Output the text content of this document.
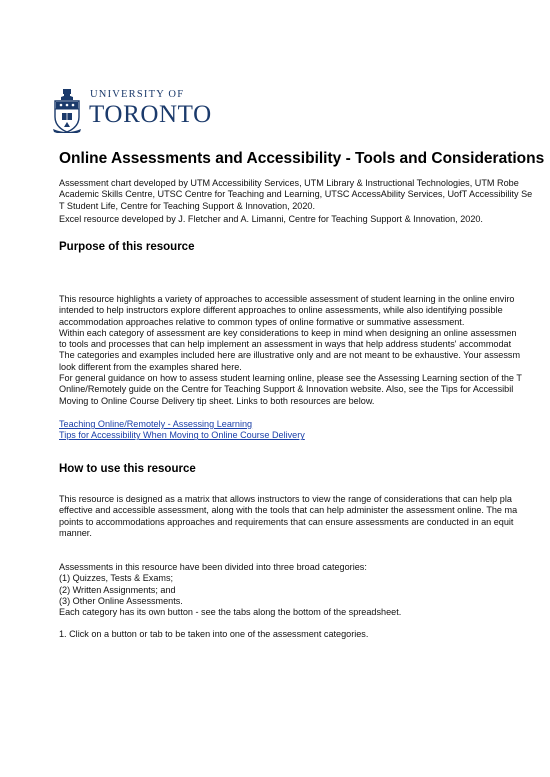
UNIVERSITY OF
TORONTO
Online Assessments and Accessibility - Tools and Considerations
Assessment chart developed by UTM Accessibility Services, UTM Library & Instructional Technologies, UTM Robe
Academic Skills Centre, UTSC Centre for Teaching and Learning, UTSC AccessAbility Services, UofT Accessibility Se
T Student Life, Centre for Teaching Support & Innovation, 2020.
Excel resource developed by J. Fletcher and A. Limanni, Centre for Teaching Support & Innovation, 2020.
Purpose of this resource
This resource highlights a variety of approaches to accessible assessment of student learning in the online enviro
intended to help instructors explore different approaches to online assessments, while also identifying possible
accommodation approaches relative to common types of online formative or summative assessment.
Within each category of assessment are key considerations to keep in mind when designing an online assessmen
to tools and processes that can help implement an assessment in ways that help address students' accommodat
The categories and examples included here are illustrative only and are not meant to be exhaustive. Your assessm
look different from the examples shared here.
For general guidance on how to assess student learning online, please see the Assessing Learning section of the T
Online/Remotely guide on the Centre for Teaching Support & Innovation website. Also, see the Tips for Accessibil
Moving to Online Course Delivery tip sheet. Links to both resources are below.
Teaching Online/Remotely - Assessing Learning
Tips for Accessibility When Moving to Online Course Delivery
How to use this resource
This resource is designed as a matrix that allows instructors to view the range of considerations that can help pla
effective and accessible assessment, along with the tools that can help administer the assessment online. The ma
points to accommodations approaches and requirements that can ensure assessments are conducted in an equit
manner.
Assessments in this resource have been divided into three broad categories:
(1) Quizzes, Tests & Exams;
(2) Written Assignments; and
(3) Other Online Assessments.
Each category has its own button - see the tabs along the bottom of the spreadsheet.
1. Click on a button or tab to be taken into one of the assessment categories.
